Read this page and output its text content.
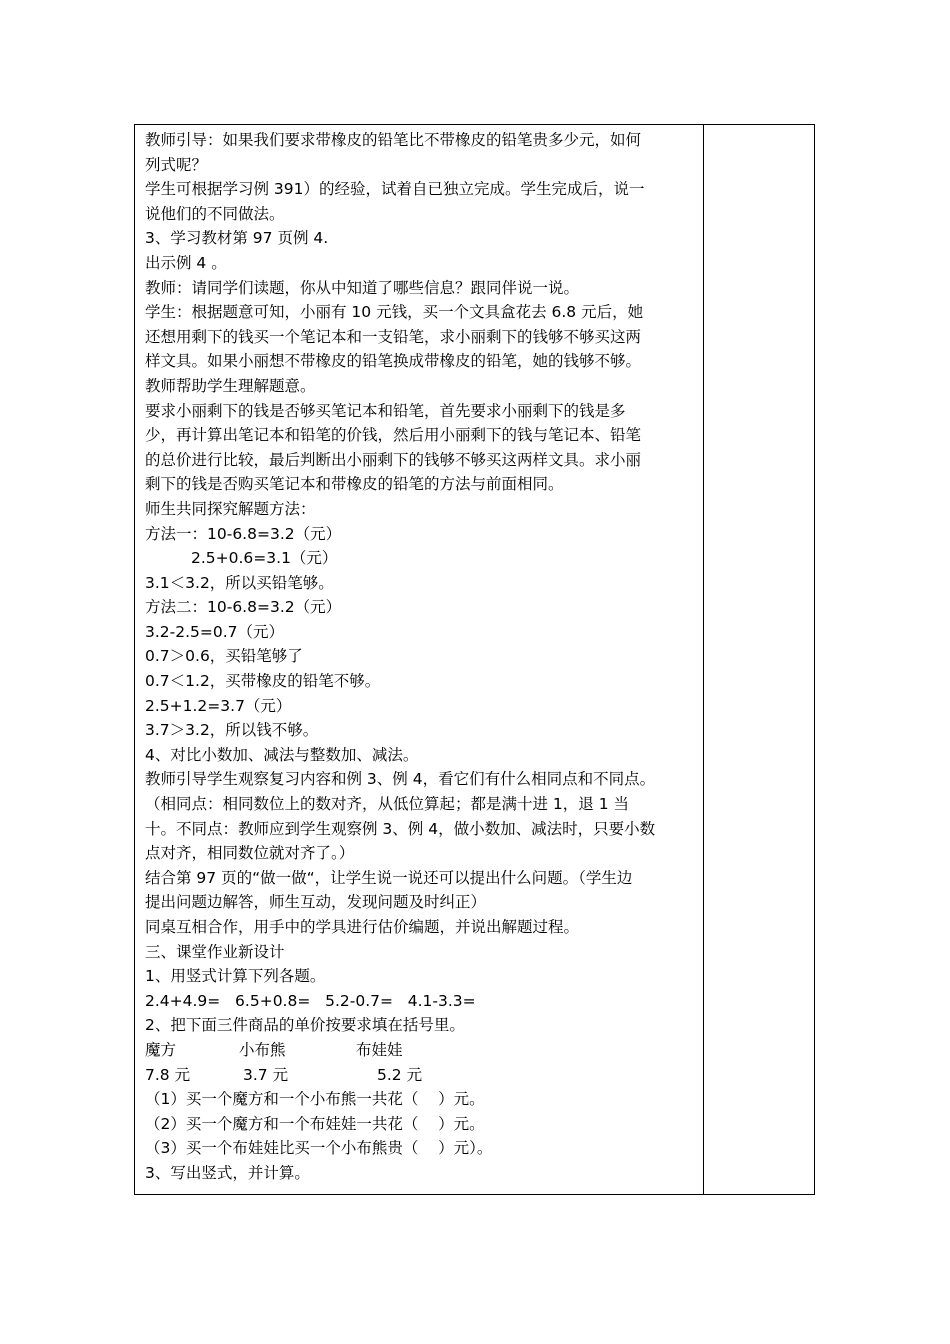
教师引导：如果我们要求带橡皮的铅笔比不带橡皮的铅笔贵多少元，如何
列式呢？
学生可根据学习例 391）的经验，试着自已独立完成。学生完成后，说一
说他们的不同做法。
3、学习教材第 97 页例 4.
出示例 4 。
教师：请同学们读题，你从中知道了哪些信息？跟同伴说一说。
学生：根据题意可知，小丽有 10 元钱，买一个文具盒花去 6.8 元后，她
还想用剩下的钱买一个笔记本和一支铅笔，求小丽剩下的钱够不够买这两
样文具。如果小丽想不带橡皮的铅笔换成带橡皮的铅笔，她的钱够不够。
教师帮助学生理解题意。
要求小丽剩下的钱是否够买笔记本和铅笔，首先要求小丽剩下的钱是多
少，再计算出笔记本和铅笔的价钱，然后用小丽剩下的钱与笔记本、铅笔
的总价进行比较，最后判断出小丽剩下的钱够不够买这两样文具。求小丽
剩下的钱是否购买笔记本和带橡皮的铅笔的方法与前面相同。
师生共同探究解题方法：
方法一：10-6.8=3.2（元）
2.5+0.6=3.1（元）
3.1＜3.2，所以买铅笔够。
方法二：10-6.8=3.2（元）
3.2-2.5=0.7（元）
0.7＞0.6，买铅笔够了
0.7＜1.2，买带橡皮的铅笔不够。
2.5+1.2=3.7（元）
3.7＞3.2，所以钱不够。
4、对比小数加、减法与整数加、减法。
教师引导学生观察复习内容和例 3、例 4，看它们有什么相同点和不同点。
（相同点：相同数位上的数对齐，从低位算起；都是满十进 1，退 1 当
十。不同点：教师应到学生观察例 3、例 4，做小数加、减法时，只要小数
点对齐，相同数位就对齐了。）
结合第 97 页的“做一做“，让学生说一说还可以提出什么问题。（学生边
提出问题边解答，师生互动，发现问题及时纠正）
同桌互相合作，用手中的学具进行估价编题，并说出解题过程。
三、课堂作业新设计
1、用竖式计算下列各题。
2.4+4.9=   6.5+0.8=   5.2-0.7=   4.1-3.3=
2、把下面三件商品的单价按要求填在括号里。
魔方	小布熊	布娃娃
7.8 元	3.7 元	5.2 元
（1）买一个魔方和一个小布熊一共花（    ）元。
（2）买一个魔方和一个布娃娃一共花（    ）元。
（3）买一个布娃娃比买一个小布熊贵（    ）元）。
3、写出竖式，并计算。
